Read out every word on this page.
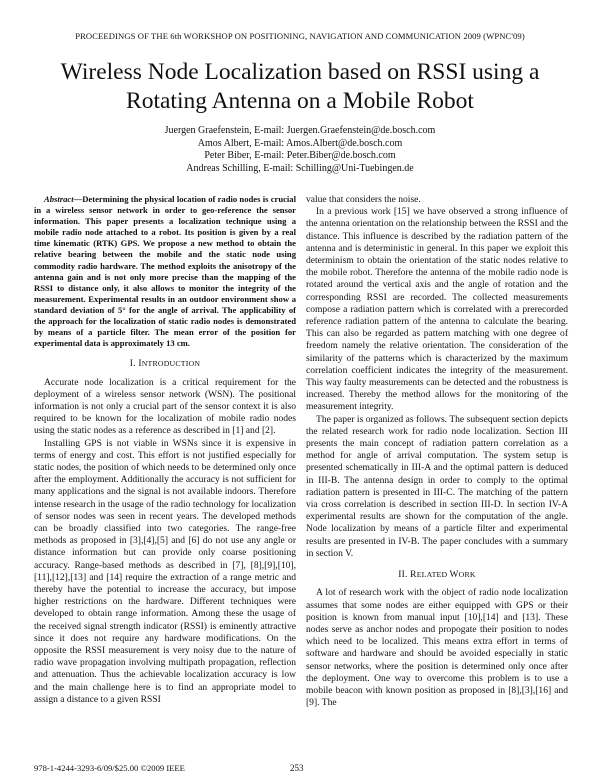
PROCEEDINGS OF THE 6th WORKSHOP ON POSITIONING, NAVIGATION AND COMMUNICATION 2009 (WPNC'09)
Wireless Node Localization based on RSSI using a Rotating Antenna on a Mobile Robot
Juergen Graefenstein, E-mail: Juergen.Graefenstein@de.bosch.com
Amos Albert, E-mail: Amos.Albert@de.bosch.com
Peter Biber, E-mail: Peter.Biber@de.bosch.com
Andreas Schilling, E-mail: Schilling@Uni-Tuebingen.de

Abstract—Determining the physical location of radio nodes is crucial in a wireless sensor network in order to geo-reference the sensor information. This paper presents a localization technique using a mobile radio node attached to a robot. Its position is given by a real time kinematic (RTK) GPS. We propose a new method to obtain the relative bearing between the mobile and the static node using commodity radio hardware. The method exploits the anisotropy of the antenna gain and is not only more precise than the mapping of the RSSI to distance only, it also allows to monitor the integrity of the measurement. Experimental results in an outdoor environment show a standard deviation of 5° for the angle of arrival. The applicability of the approach for the localization of static radio nodes is demonstrated by means of a particle filter. The mean error of the position for experimental data is approximately 13 cm.

I. INTRODUCTION

Accurate node localization is a critical requirement for the deployment of a wireless sensor network (WSN). The positional information is not only a crucial part of the sensor context it is also required to be known for the localization of mobile radio nodes using the static nodes as a reference as described in [1] and [2].

Installing GPS is not viable in WSNs since it is expensive in terms of energy and cost. This effort is not justified especially for static nodes, the position of which needs to be determined only once after the employment. Additionally the accuracy is not sufficient for many applications and the signal is not available indoors. Therefore intense research in the usage of the radio technology for localization of sensor nodes was seen in recent years. The developed methods can be broadly classified into two categories. The range-free methods as proposed in [3],[4],[5] and [6] do not use any angle or distance information but can provide only coarse positioning accuracy. Range-based methods as described in [7], [8],[9],[10],[11],[12],[13] and [14] require the extraction of a range metric and thereby have the potential to increase the accuracy, but impose higher restrictions on the hardware. Different techniques were developed to obtain range information. Among these the usage of the received signal strength indicator (RSSI) is eminently attractive since it does not require any hardware modifications. On the opposite the RSSI measurement is very noisy due to the nature of radio wave propagation involving multipath propagation, reflection and attenuation. Thus the achievable localization accuracy is low and the main challenge here is to find an appropriate model to assign a distance to a given RSSI

value that considers the noise.

In a previous work [15] we have observed a strong influence of the antenna orientation on the relationship between the RSSI and the distance. This influence is described by the radiation pattern of the antenna and is deterministic in general. In this paper we exploit this determinism to obtain the orientation of the static nodes relative to the mobile robot. Therefore the antenna of the mobile radio node is rotated around the vertical axis and the angle of rotation and the corresponding RSSI are recorded. The collected measurements compose a radiation pattern which is correlated with a prerecorded reference radiation pattern of the antenna to calculate the bearing. This can also be regarded as pattern matching with one degree of freedom namely the relative orientation. The consideration of the similarity of the patterns which is characterized by the maximum correlation coefficient indicates the integrity of the measurement. This way faulty measurements can be detected and the robustness is increased. Thereby the method allows for the monitoring of the measurement integrity.

The paper is organized as follows. The subsequent section depicts the related research work for radio node localization. Section III presents the main concept of radiation pattern correlation as a method for angle of arrival computation. The system setup is presented schematically in III-A and the optimal pattern is deduced in III-B. The antenna design in order to comply to the optimal radiation pattern is presented in III-C. The matching of the pattern via cross correlation is described in section III-D. In section IV-A experimental results are shown for the computation of the angle. Node localization by means of a particle filter and experimental results are presented in IV-B. The paper concludes with a summary in section V.

II. RELATED WORK

A lot of research work with the object of radio node localization assumes that some nodes are either equipped with GPS or their position is known from manual input [10],[14] and [13]. These nodes serve as anchor nodes and propogate their position to nodes which need to be localized. This means extra effort in terms of software and hardware and should be avoided especially in static sensor networks, where the position is determined only once after the deployment. One way to overcome this problem is to use a mobile beacon with known position as proposed in [8],[3],[16] and [9]. The

978-1-4244-3293-6/09/$25.00 ©2009 IEEE	253
